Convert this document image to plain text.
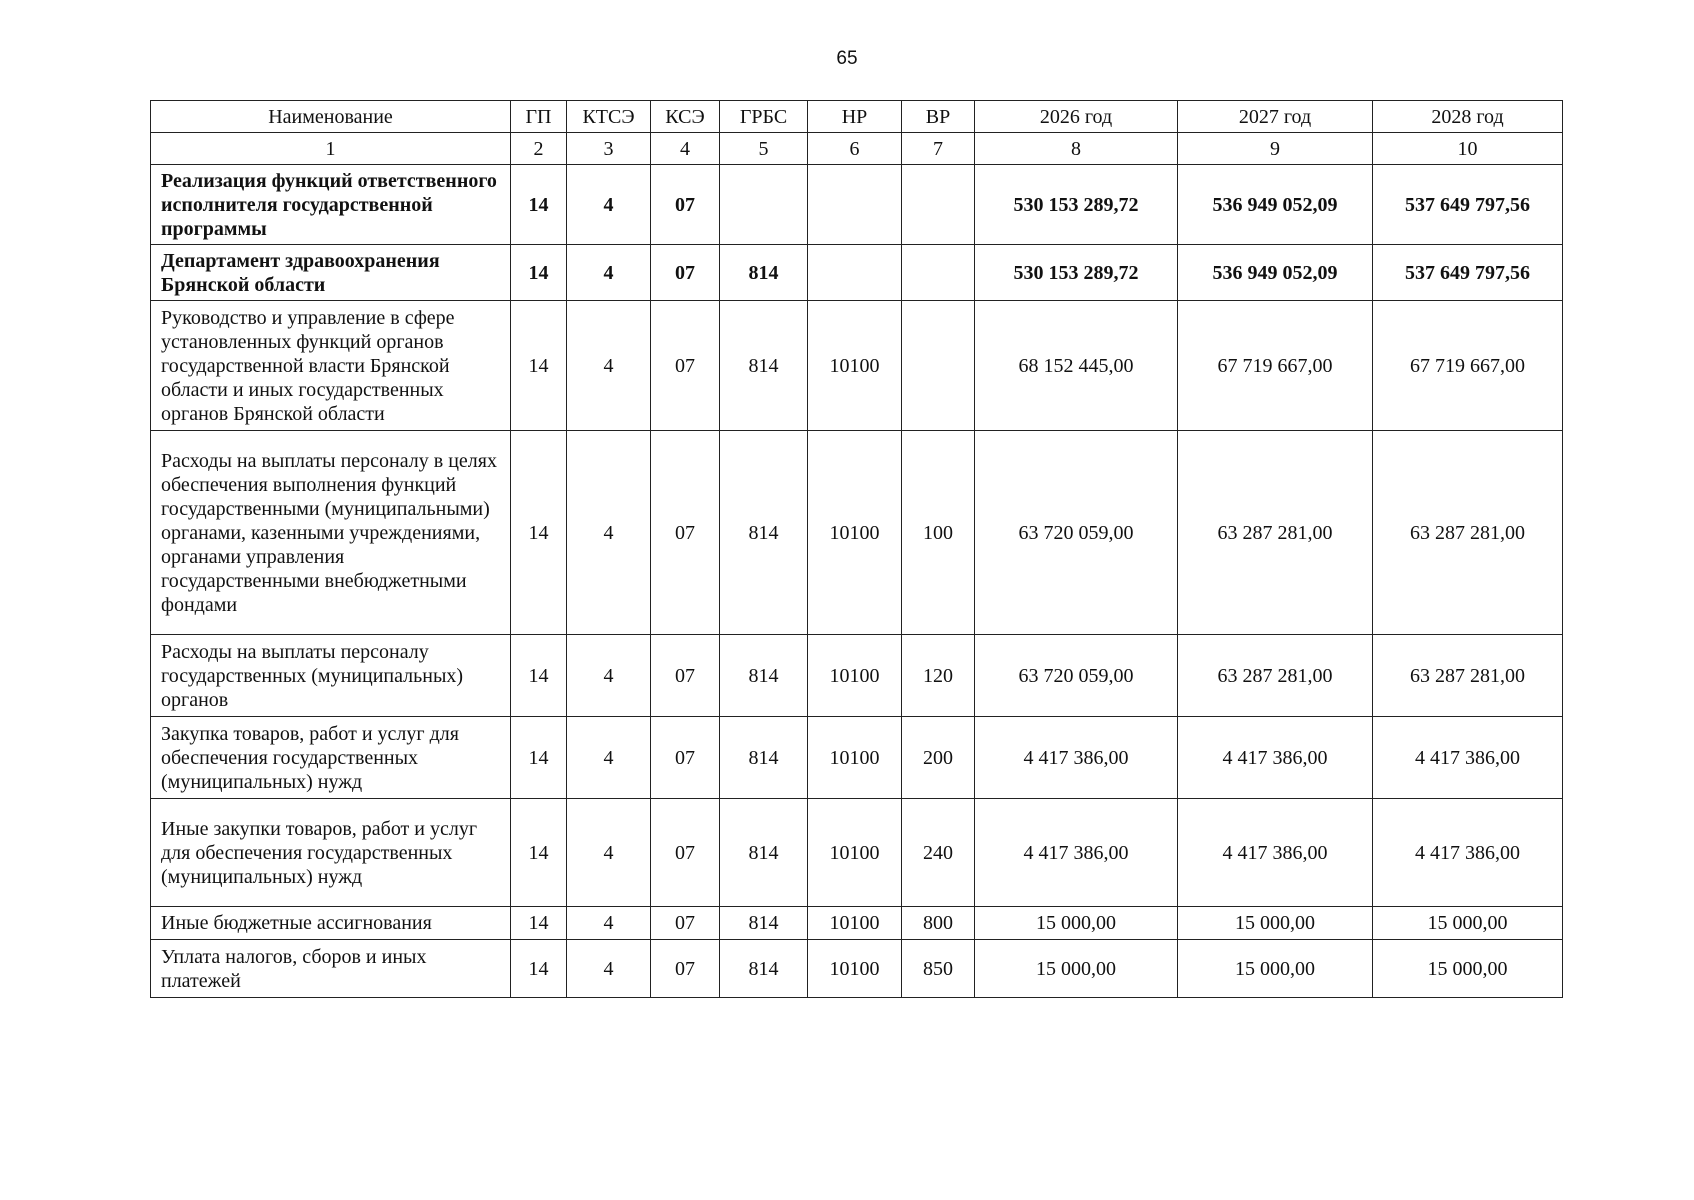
65
Наименование	ГП	КТСЭ	КСЭ	ГРБС	НР	ВР	2026 год	2027 год	2028 год
1	2	3	4	5	6	7	8	9	10
Реализация функций ответственного исполнителя государственной программы	14	4	07				530 153 289,72	536 949 052,09	537 649 797,56
Департамент здравоохранения Брянской области	14	4	07	814			530 153 289,72	536 949 052,09	537 649 797,56
Руководство и управление в сфере установленных функций органов государственной власти Брянской области и иных государственных органов Брянской области	14	4	07	814	10100		68 152 445,00	67 719 667,00	67 719 667,00
Расходы на выплаты персоналу в целях обеспечения выполнения функций государственными (муниципальными) органами, казенными учреждениями, органами управления государственными внебюджетными фондами	14	4	07	814	10100	100	63 720 059,00	63 287 281,00	63 287 281,00
Расходы на выплаты персоналу государственных (муниципальных) органов	14	4	07	814	10100	120	63 720 059,00	63 287 281,00	63 287 281,00
Закупка товаров, работ и услуг для обеспечения государственных (муниципальных) нужд	14	4	07	814	10100	200	4 417 386,00	4 417 386,00	4 417 386,00
Иные закупки товаров, работ и услуг для обеспечения государственных (муниципальных) нужд	14	4	07	814	10100	240	4 417 386,00	4 417 386,00	4 417 386,00
Иные бюджетные ассигнования	14	4	07	814	10100	800	15 000,00	15 000,00	15 000,00
Уплата налогов, сборов и иных платежей	14	4	07	814	10100	850	15 000,00	15 000,00	15 000,00
